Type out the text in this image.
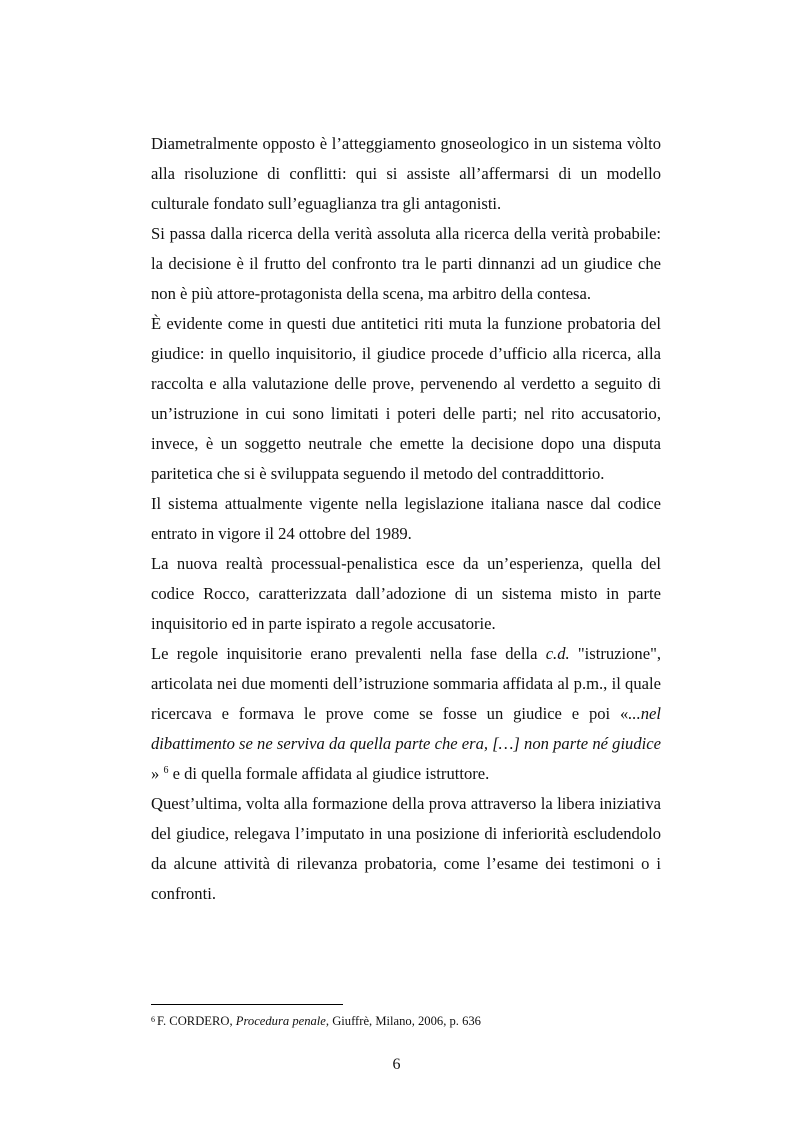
Diametralmente opposto è l’atteggiamento gnoseologico in un sistema vòlto alla risoluzione di conflitti: qui si assiste all’affermarsi di un modello culturale fondato sull’eguaglianza tra gli antagonisti.

Si passa dalla ricerca della verità assoluta alla ricerca della verità probabile: la decisione è il frutto del confronto tra le parti dinnanzi ad un giudice che non è più attore-protagonista della scena, ma arbitro della contesa.

È evidente come in questi due antitetici riti muta la funzione probatoria del giudice: in quello inquisitorio, il giudice procede d’ufficio alla ricerca, alla raccolta e alla valutazione delle prove, pervenendo al verdetto a seguito di un’istruzione in cui sono limitati i poteri delle parti; nel rito accusatorio, invece, è un soggetto neutrale che emette la decisione dopo una disputa paritetica che si è sviluppata seguendo il metodo del contraddittorio.

Il sistema attualmente vigente nella legislazione italiana nasce dal codice entrato in vigore il 24 ottobre del 1989.

La nuova realtà processual-penalistica esce da un’esperienza, quella del codice Rocco, caratterizzata dall’adozione di un sistema misto in parte inquisitorio ed in parte ispirato a regole accusatorie.

Le regole inquisitorie erano prevalenti nella fase della c.d. "istruzione", articolata nei due momenti dell’istruzione sommaria affidata al p.m., il quale ricercava e formava le prove come se fosse un giudice e poi «...nel dibattimento se ne serviva da quella parte che era, […] non parte né giudice » $^6$ e di quella formale affidata al giudice istruttore.

Quest’ultima, volta alla formazione della prova attraverso la libera iniziativa del giudice, relegava l’imputato in una posizione di inferiorità escludendolo da alcune attività di rilevanza probatoria, come l’esame dei testimoni o i confronti.

$^6$ F. CORDERO, Procedura penale, Giuffrè, Milano, 2006, p. 636
6
